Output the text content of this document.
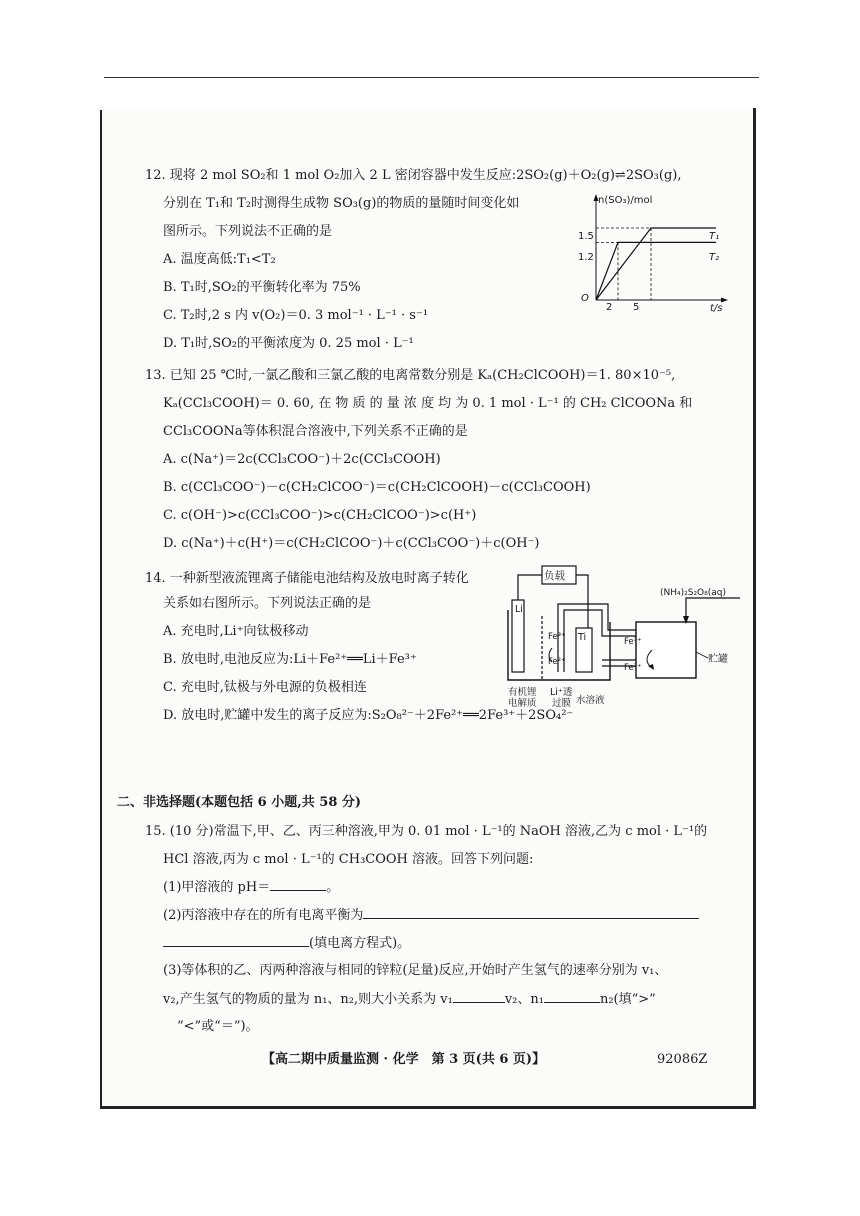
12. 现将 2 mol SO₂和 1 mol O₂加入 2 L 密闭容器中发生反应:2SO₂(g)＋O₂(g)⇌2SO₃(g),
分别在 T₁和 T₂时测得生成物 SO₃(g)的物质的量随时间变化如
图所示。下列说法不正确的是
A. 温度高低:T₁<T₂
B. T₁时,SO₂的平衡转化率为 75%
C. T₂时,2 s 内 v(O₂)＝0. 3 mol⁻¹ · L⁻¹ · s⁻¹
D. T₁时,SO₂的平衡浓度为 0. 25 mol · L⁻¹
n(SO₃)/mol
1.5
1.2
T₁
T₂
O
2 5	t/s
13. 已知 25 ℃时,一氯乙酸和三氯乙酸的电离常数分别是 Kₐ(CH₂ClCOOH)＝1. 80×10⁻⁵,
Kₐ(CCl₃COOH)＝ 0. 60, 在 物 质 的 量 浓 度 均 为 0. 1 mol · L⁻¹ 的 CH₂ ClCOONa 和
CCl₃COONa等体积混合溶液中,下列关系不正确的是
A. c(Na⁺)＝2c(CCl₃COO⁻)＋2c(CCl₃COOH)
B. c(CCl₃COO⁻)－c(CH₂ClCOO⁻)＝c(CH₂ClCOOH)－c(CCl₃COOH)
C. c(OH⁻)>c(CCl₃COO⁻)>c(CH₂ClCOO⁻)>c(H⁺)
D. c(Na⁺)＋c(H⁺)＝c(CH₂ClCOO⁻)＋c(CCl₃COO⁻)＋c(OH⁻)
14. 一种新型液流锂离子储能电池结构及放电时离子转化
关系如右图所示。下列说法正确的是
A. 充电时,Li⁺向钛极移动
B. 放电时,电池反应为:Li＋Fe²⁺══Li＋Fe³⁺
C. 充电时,钛极与外电源的负极相连
D. 放电时,贮罐中发生的离子反应为:S₂O₈²⁻＋2Fe²⁺══2Fe³⁺＋2SO₄²⁻
负载
Li
Ti
Fe³⁺
Fe²⁺
(NH₄)₂S₂O₈(aq)
Fe³⁺
Fe²⁺
贮罐
有机锂
电解质
Li⁺透
过膜 水溶液
二、非选择题(本题包括 6 小题,共 58 分)
15. (10 分)常温下,甲、乙、丙三种溶液,甲为 0. 01 mol · L⁻¹的 NaOH 溶液,乙为 c mol · L⁻¹的
HCl 溶液,丙为 c mol · L⁻¹的 CH₃COOH 溶液。回答下列问题:
(1)甲溶液的 pH＝	。
(2)丙溶液中存在的所有电离平衡为
(填电离方程式)。
(3)等体积的乙、丙两种溶液与相同的锌粒(足量)反应,开始时产生氢气的速率分别为 v₁、
v₂,产生氢气的物质的量为 n₁、n₂,则大小关系为 v₁	v₂、n₁	n₂(填“>”
“<”或“＝”)。
【高二期中质量监测 · 化学　第 3 页(共 6 页)】	92086Z
